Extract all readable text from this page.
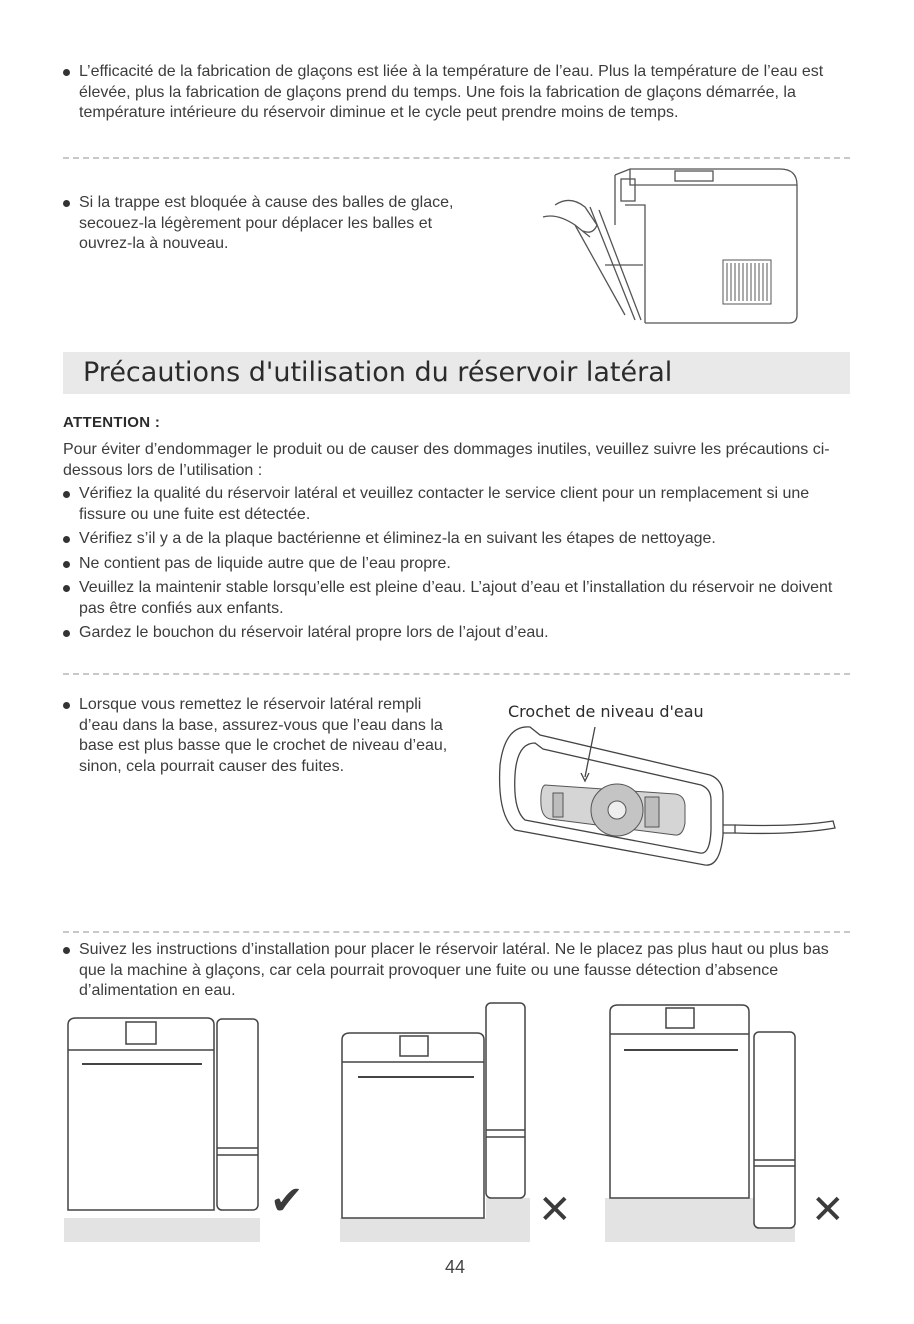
L’efficacité de la fabrication de glaçons est liée à la température de l’eau. Plus la température de l’eau est élevée, plus la fabrication de glaçons prend du temps. Une fois la fabrication de glaçons démarrée, la température intérieure du réservoir diminue et le cycle peut prendre moins de temps.
Si la trappe est bloquée à cause des balles de glace, secouez-la légèrement pour déplacer les balles et ouvrez-la à nouveau.
Précautions d'utilisation du réservoir latéral
ATTENTION :
Pour éviter d’endommager le produit ou de causer des dommages inutiles, veuillez suivre les précautions ci-dessous lors de l’utilisation :
Vérifiez la qualité du réservoir latéral et veuillez contacter le service client pour un remplacement si une fissure ou une fuite est détectée.
Vérifiez s’il y a de la plaque bactérienne et éliminez-la en suivant les étapes de nettoyage.
Ne contient pas de liquide autre que de l’eau propre.
Veuillez la maintenir stable lorsqu’elle est pleine d’eau. L’ajout d’eau et l’installation du réservoir ne doivent pas être confiés aux enfants.
Gardez le bouchon du réservoir latéral propre lors de l’ajout d’eau.
Lorsque vous remettez le réservoir latéral rempli d’eau dans la base, assurez-vous que l’eau dans la base est plus basse que le crochet de niveau d’eau, sinon, cela pourrait causer des fuites.
Crochet de niveau d'eau
Suivez les instructions d’installation pour placer le réservoir latéral. Ne le placez pas plus haut ou plus bas que la machine à glaçons, car cela pourrait provoquer une fuite ou une fausse détection d’absence d’alimentation en eau.
✔	✕	✕
44
